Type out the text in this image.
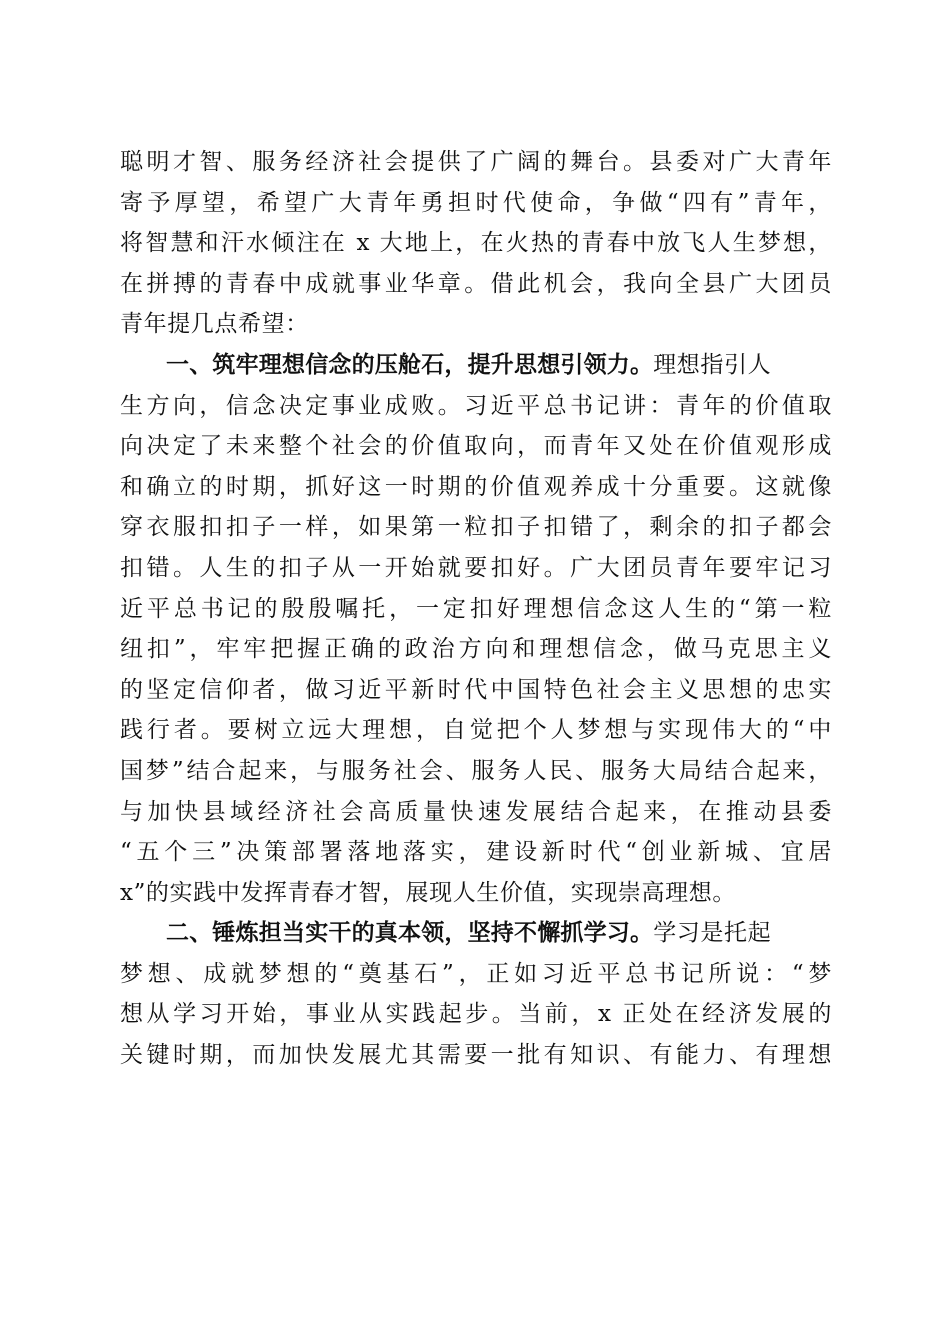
聪明才智、服务经济社会提供了广阔的舞台。县委对广大青年
寄予厚望，希望广大青年勇担时代使命，争做“四有”青年，
将智慧和汗水倾注在 x 大地上，在火热的青春中放飞人生梦想，
在拼搏的青春中成就事业华章。借此机会，我向全县广大团员
青年提几点希望：
一、筑牢理想信念的压舱石，提升思想引领力。理想指引人
生方向，信念决定事业成败。习近平总书记讲：青年的价值取
向决定了未来整个社会的价值取向，而青年又处在价值观形成
和确立的时期，抓好这一时期的价值观养成十分重要。这就像
穿衣服扣扣子一样，如果第一粒扣子扣错了，剩余的扣子都会
扣错。人生的扣子从一开始就要扣好。广大团员青年要牢记习
近平总书记的殷殷嘱托，一定扣好理想信念这人生的“第一粒
纽扣”，牢牢把握正确的政治方向和理想信念，做马克思主义
的坚定信仰者，做习近平新时代中国特色社会主义思想的忠实
践行者。要树立远大理想，自觉把个人梦想与实现伟大的“中
国梦”结合起来，与服务社会、服务人民、服务大局结合起来，
与加快县域经济社会高质量快速发展结合起来，在推动县委
“五个三”决策部署落地落实，建设新时代“创业新城、宜居
x”的实践中发挥青春才智，展现人生价值，实现崇高理想。
二、锤炼担当实干的真本领，坚持不懈抓学习。学习是托起
梦想、成就梦想的“奠基石”，正如习近平总书记所说：“梦
想从学习开始，事业从实践起步。当前，x 正处在经济发展的
关键时期，而加快发展尤其需要一批有知识、有能力、有理想
